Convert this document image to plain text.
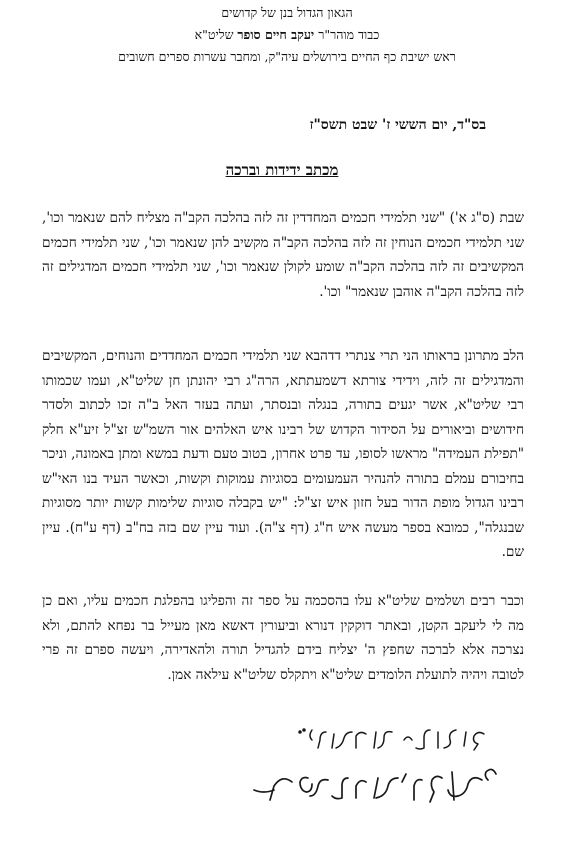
הגאון הגדול בנן של קדושים
כבוד מוהר"ר יעקב חיים סופר שליט"א
ראש ישיבת כף החיים בירושלים עיה"ק, ומחבר עשרות ספרים חשובים
בס"ד, יום הששי ז' שבט תשס"ז
מכתב ידידות וברכה
שבת (ס"ג א') "שני תלמידי חכמים המחדדין זה לזה בהלכה הקב"ה מצליח להם שנאמר וכו', שני תלמידי חכמים הנוחין זה לזה בהלכה הקב"ה מקשיב להן שנאמר וכו', שני תלמידי חכמים המקשיבים זה לזה בהלכה הקב"ה שומע לקולן שנאמר וכו', שני תלמידי חכמים המדגילים זה לזה בהלכה הקב"ה אוהבן שנאמר" וכו'.
הלב מתרונן בראותו הני תרי צנתרי דדהבא שני תלמידי חכמים המחדדים והנוחים, המקשיבים והמדגילים זה לזה, וידידי צורתא דשמעתתא, הרה"ג רבי יהונתן חן שליט"א, ועמו שכמותו רבי שליט"א, אשר יגעים בתורה, בנגלה ובנסתר, ועתה בעזר האל ב"ה זכו לכתוב ולסדר חידושים וביאורים על הסידור הקדוש של רבינו איש האלהים אור השמ"ש זצ"ל זיע"א חלק "תפילת העמידה" מראשו לסופו, עד פרט אחרון, בטוב טעם ודעת במשא ומתן באמונה, וניכר בחיבורם עמלם בתורה להנהיר העמעומים בסוגיות עמוקות וקשות, וכאשר העיד בנו האי"ש רבינו הגדול מופת הדור בעל חזון איש זצ"ל: "יש בקבלה סוגיות שלימות קשות יותר מסוגיות שבנגלה", כמובא בספר מעשה איש ח"ג (דף צ"ה). ועוד עיין שם בזה בח"ב (דף ע"ח). עיין שם.
וכבר רבים ושלמים שליט"א עלו בהסכמה על ספר זה והפליגו בהפלגת חכמים עליו, ואם כן מה לי ליעקב הקטן, ובאתר דוקקין דנורא וביעורין דאשא מאן מעייל בר נפחא להתם, ולא נצרכה אלא לברכה שחפץ ה' יצליח בידם להגדיל תורה ולהאדירה, ויעשה ספרם זה פרי לטובה ויהיה לתועלת הלומדים שליט"א ויתקלס שליט"א עילאה אמן.
